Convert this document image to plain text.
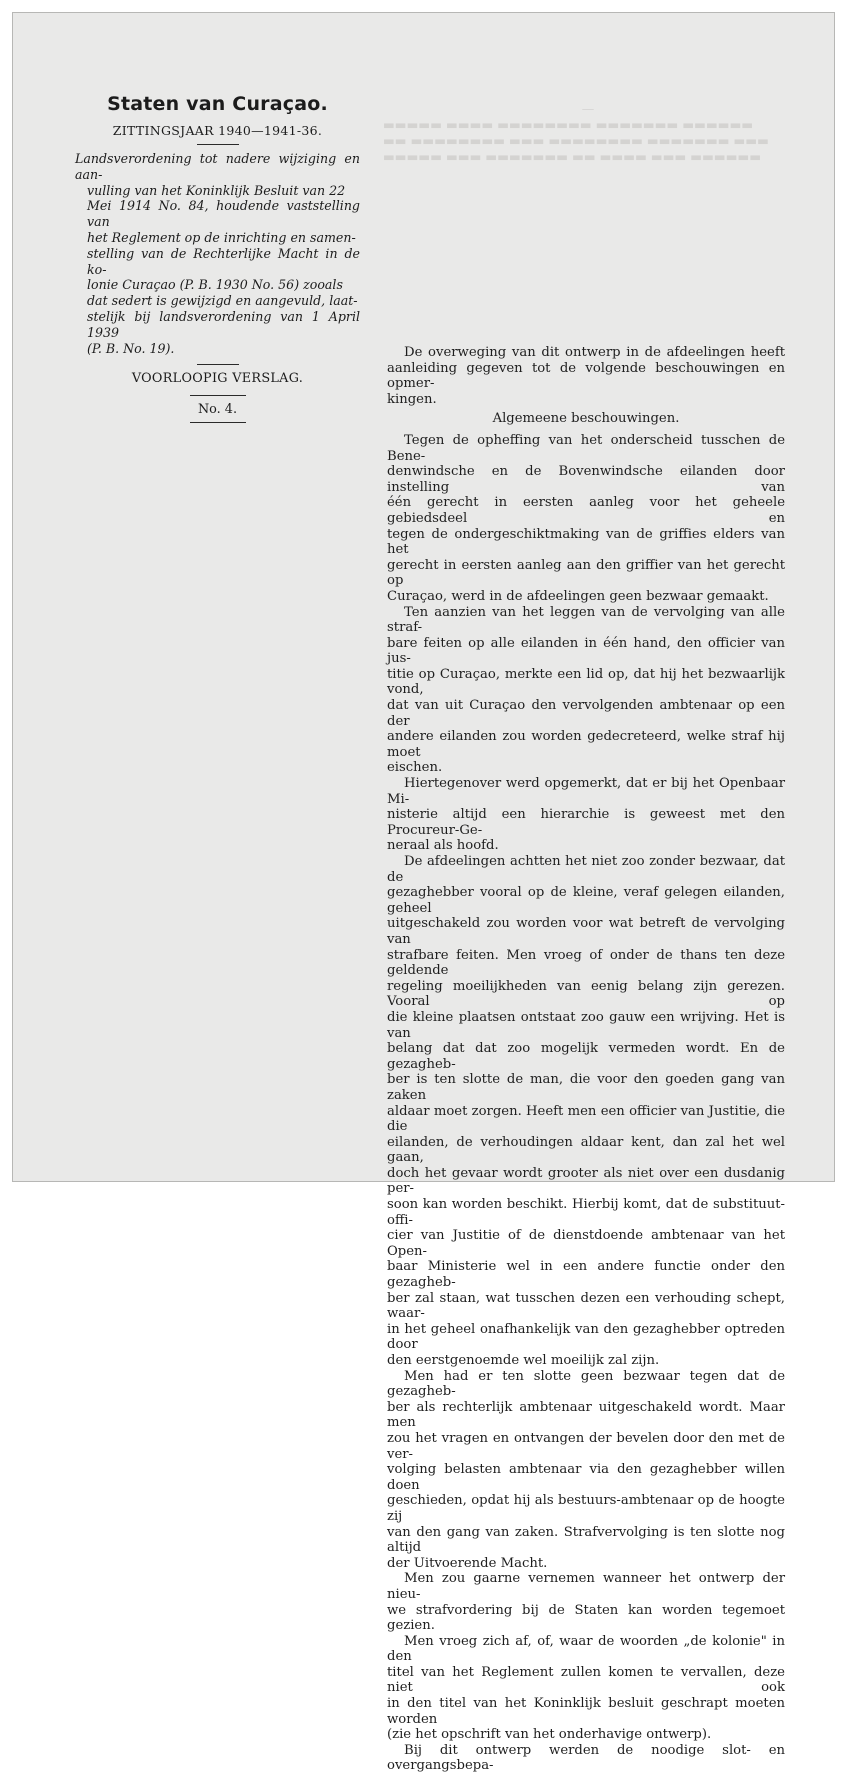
—
▬▬▬▬▬ ▬▬▬▬ ▬▬▬▬▬▬▬▬ ▬▬▬▬▬▬▬ ▬▬▬▬▬▬
▬▬ ▬▬▬▬▬▬▬▬ ▬▬▬ ▬▬▬▬▬▬▬▬ ▬▬▬▬▬▬▬ ▬▬▬
▬▬▬▬▬ ▬▬▬ ▬▬▬▬▬▬▬ ▬▬ ▬▬▬▬ ▬▬▬ ▬▬▬▬▬▬
Staten van Curaçao.
ZITTINGSJAAR 1940—1941-36.

Landsverordening tot nadere wijziging en aan-
vulling van het Koninklijk Besluit van 22
Mei 1914 No. 84, houdende vaststelling van
het Reglement op de inrichting en samen-
stelling van de Rechterlijke Macht in de ko-
lonie Curaçao (P. B. 1930 No. 56) zooals
dat sedert is gewijzigd en aangevuld, laat-
stelijk bij landsverordening van 1 April 1939
(P. B. No. 19).

VOORLOOPIG VERSLAG.
No. 4.

De overweging van dit ontwerp in de afdeelingen heeft
aanleiding gegeven tot de volgende beschouwingen en opmer-
kingen.

Algemeene beschouwingen.

Tegen de opheffing van het onderscheid tusschen de Bene-
denwindsche en de Bovenwindsche eilanden door instelling van
één gerecht in eersten aanleg voor het geheele gebiedsdeel en
tegen de ondergeschiktmaking van de griffies elders van het
gerecht in eersten aanleg aan den griffier van het gerecht op
Curaçao, werd in de afdeelingen geen bezwaar gemaakt.

Ten aanzien van het leggen van de vervolging van alle straf-
bare feiten op alle eilanden in één hand, den officier van jus-
titie op Curaçao, merkte een lid op, dat hij het bezwaarlijk vond,
dat van uit Curaçao den vervolgenden ambtenaar op een der
andere eilanden zou worden gedecreteerd, welke straf hij moet
eischen.

Hiertegenover werd opgemerkt, dat er bij het Openbaar Mi-
nisterie altijd een hierarchie is geweest met den Procureur-Ge-
neraal als hoofd.

De afdeelingen achtten het niet zoo zonder bezwaar, dat de
gezaghebber vooral op de kleine, veraf gelegen eilanden, geheel
uitgeschakeld zou worden voor wat betreft de vervolging van
strafbare feiten. Men vroeg of onder de thans ten deze geldende
regeling moeilijkheden van eenig belang zijn gerezen. Vooral op
die kleine plaatsen ontstaat zoo gauw een wrijving. Het is van
belang dat dat zoo mogelijk vermeden wordt. En de gezagheb-
ber is ten slotte de man, die voor den goeden gang van zaken
aldaar moet zorgen. Heeft men een officier van Justitie, die die
eilanden, de verhoudingen aldaar kent, dan zal het wel gaan,
doch het gevaar wordt grooter als niet over een dusdanig per-
soon kan worden beschikt. Hierbij komt, dat de substituut-offi-
cier van Justitie of de dienstdoende ambtenaar van het Open-
baar Ministerie wel in een andere functie onder den gezagheb-
ber zal staan, wat tusschen dezen een verhouding schept, waar-
in het geheel onafhankelijk van den gezaghebber optreden door
den eerstgenoemde wel moeilijk zal zijn.

Men had er ten slotte geen bezwaar tegen dat de gezagheb-
ber als rechterlijk ambtenaar uitgeschakeld wordt. Maar men
zou het vragen en ontvangen der bevelen door den met de ver-
volging belasten ambtenaar via den gezaghebber willen doen
geschieden, opdat hij als bestuurs-ambtenaar op de hoogte zij
van den gang van zaken. Strafvervolging is ten slotte nog altijd
der Uitvoerende Macht.

Men zou gaarne vernemen wanneer het ontwerp der nieu-
we strafvordering bij de Staten kan worden tegemoet gezien.

Men vroeg zich af, of, waar de woorden „de kolonie" in den
titel van het Reglement zullen komen te vervallen, deze niet ook
in den titel van het Koninklijk besluit geschrapt moeten worden
(zie het opschrift van het onderhavige ontwerp).

Bij dit ontwerp werden de noodige slot- en overgangsbepa-
